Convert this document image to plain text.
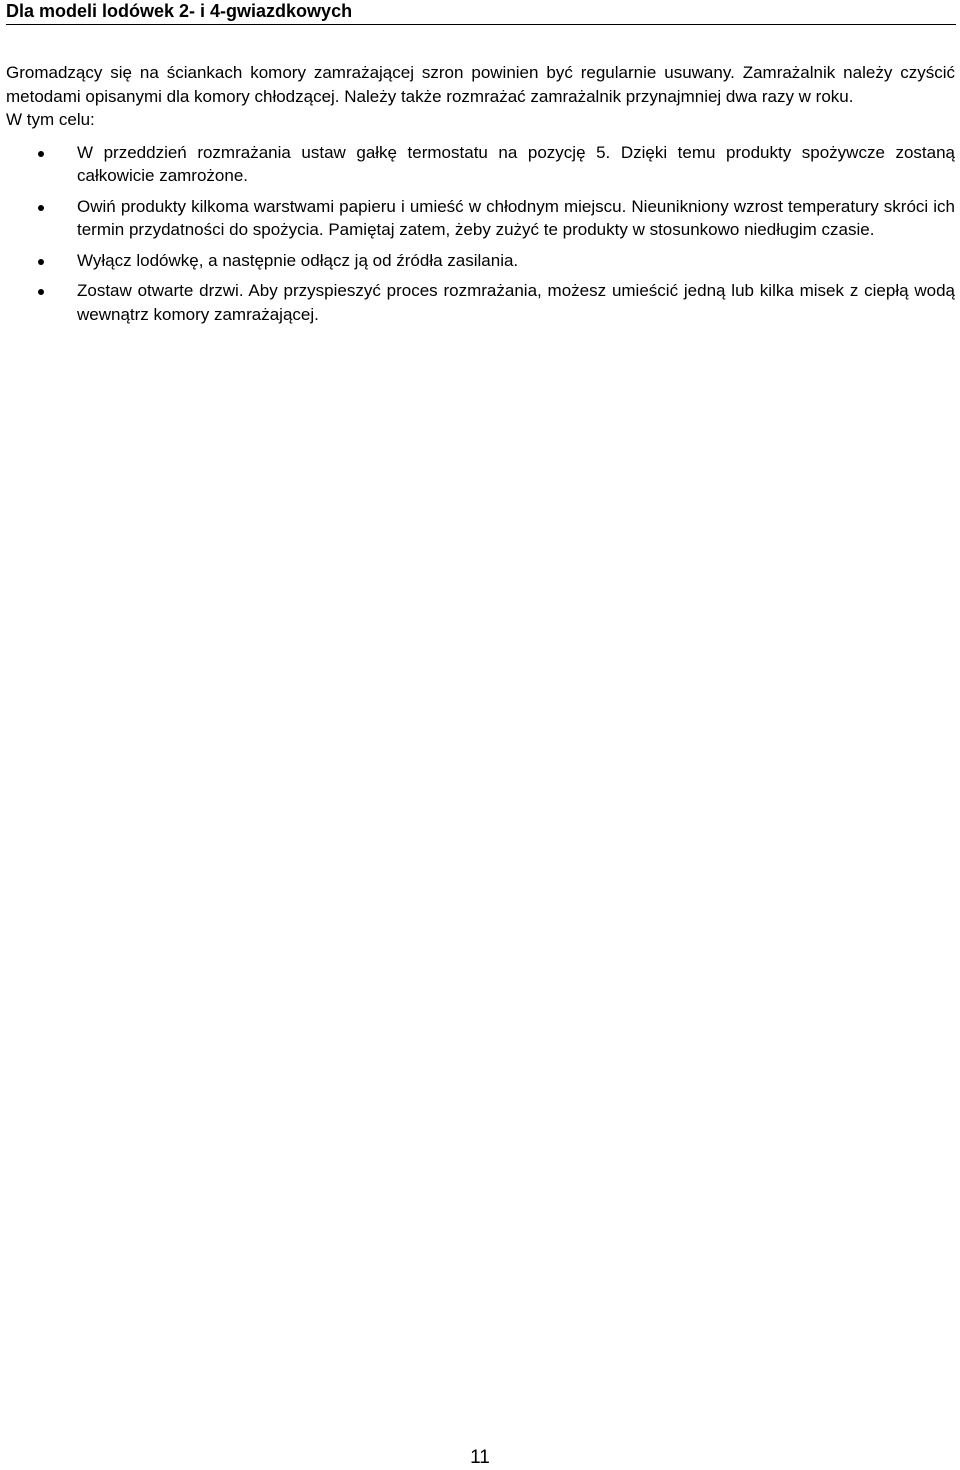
Dla modeli lodówek 2- i 4-gwiazdkowych

Gromadzący się na ściankach komory zamrażającej szron powinien być regularnie usuwany. Zamrażalnik należy czyścić metodami opisanymi dla komory chłodzącej. Należy także rozmrażać zamrażalnik przynajmniej dwa razy w roku.

W tym celu:

W przeddzień rozmrażania ustaw gałkę termostatu na pozycję 5. Dzięki temu produkty spożywcze zostaną całkowicie zamrożone.
Owiń produkty kilkoma warstwami papieru i umieść w chłodnym miejscu. Nieunikniony wzrost temperatury skróci ich termin przydatności do spożycia. Pamiętaj zatem, żeby zużyć te produkty w stosunkowo niedługim czasie.
Wyłącz lodówkę, a następnie odłącz ją od źródła zasilania.
Zostaw otwarte drzwi. Aby przyspieszyć proces rozmrażania, możesz umieścić jedną lub kilka misek z ciepłą wodą wewnątrz komory zamrażającej.
11
